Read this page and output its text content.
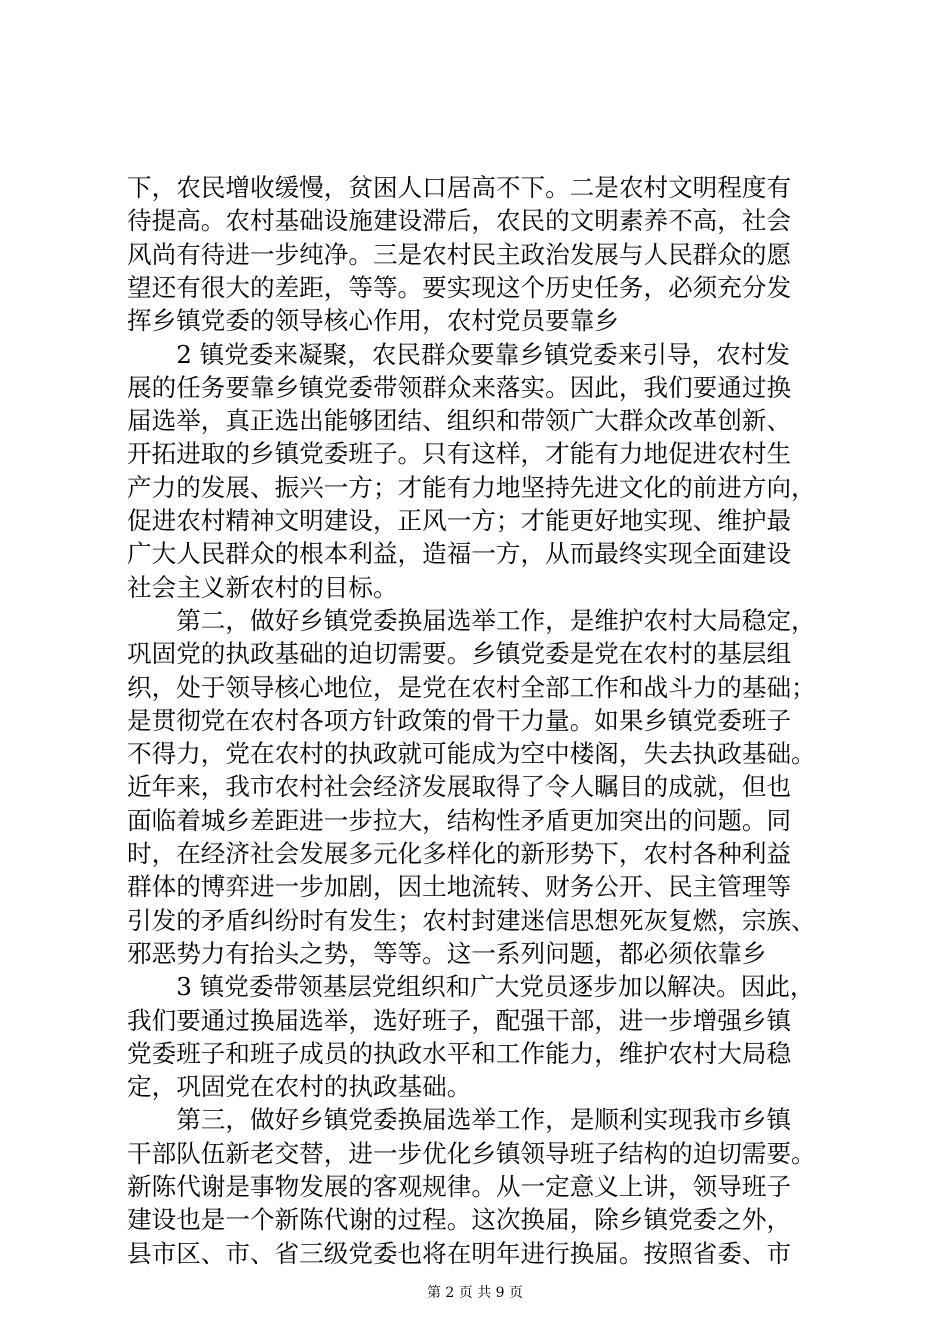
下，农民增收缓慢，贫困人口居高不下。二是农村文明程度有
待提高。农村基础设施建设滞后，农民的文明素养不高，社会
风尚有待进一步纯净。三是农村民主政治发展与人民群众的愿
望还有很大的差距，等等。要实现这个历史任务，必须充分发
挥乡镇党委的领导核心作用，农村党员要靠乡
　　2 镇党委来凝聚，农民群众要靠乡镇党委来引导，农村发
展的任务要靠乡镇党委带领群众来落实。因此，我们要通过换
届选举，真正选出能够团结、组织和带领广大群众改革创新、
开拓进取的乡镇党委班子。只有这样，才能有力地促进农村生
产力的发展、振兴一方；才能有力地坚持先进文化的前进方向，
促进农村精神文明建设，正风一方；才能更好地实现、维护最
广大人民群众的根本利益，造福一方，从而最终实现全面建设
社会主义新农村的目标。
　　第二，做好乡镇党委换届选举工作，是维护农村大局稳定，
巩固党的执政基础的迫切需要。乡镇党委是党在农村的基层组
织，处于领导核心地位，是党在农村全部工作和战斗力的基础；
是贯彻党在农村各项方针政策的骨干力量。如果乡镇党委班子
不得力，党在农村的执政就可能成为空中楼阁，失去执政基础。
近年来，我市农村社会经济发展取得了令人瞩目的成就，但也
面临着城乡差距进一步拉大，结构性矛盾更加突出的问题。同
时，在经济社会发展多元化多样化的新形势下，农村各种利益
群体的博弈进一步加剧，因土地流转、财务公开、民主管理等
引发的矛盾纠纷时有发生；农村封建迷信思想死灰复燃，宗族、
邪恶势力有抬头之势，等等。这一系列问题，都必须依靠乡
　　3 镇党委带领基层党组织和广大党员逐步加以解决。因此，
我们要通过换届选举，选好班子，配强干部，进一步增强乡镇
党委班子和班子成员的执政水平和工作能力，维护农村大局稳
定，巩固党在农村的执政基础。
　　第三，做好乡镇党委换届选举工作，是顺利实现我市乡镇
干部队伍新老交替，进一步优化乡镇领导班子结构的迫切需要。
新陈代谢是事物发展的客观规律。从一定意义上讲，领导班子
建设也是一个新陈代谢的过程。这次换届，除乡镇党委之外，
县市区、市、省三级党委也将在明年进行换届。按照省委、市
第 2 页 共 9 页
